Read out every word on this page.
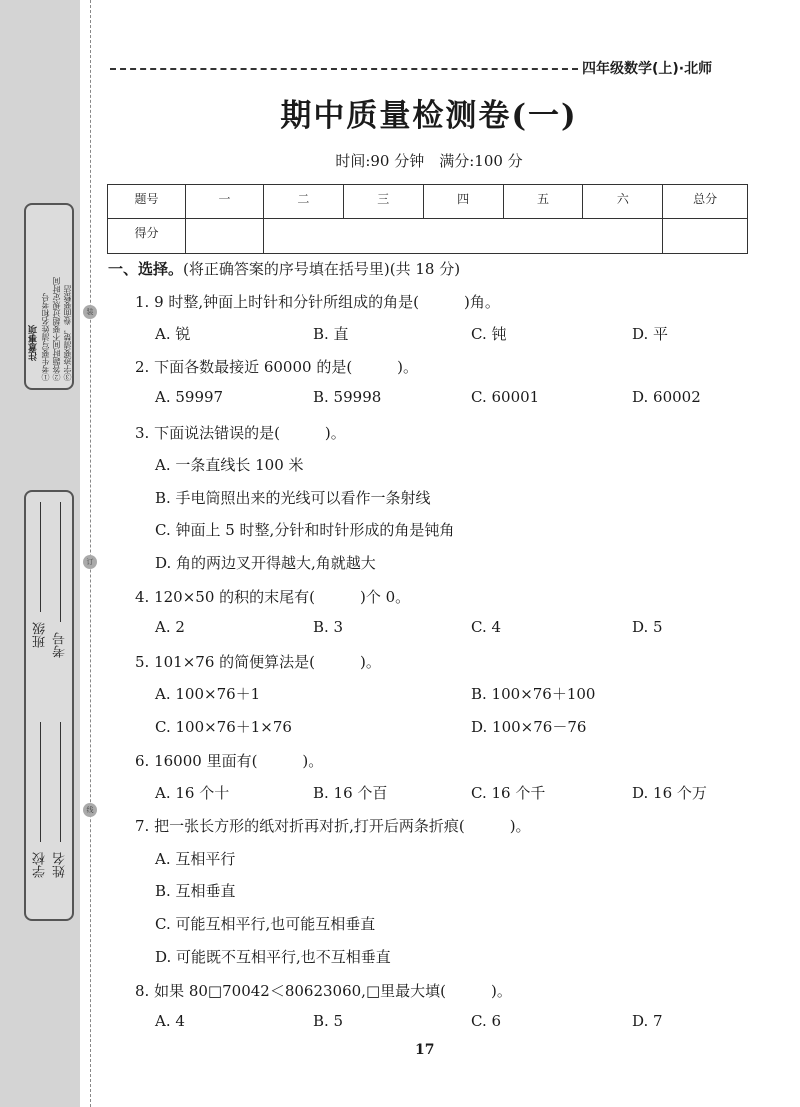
注意事项 ①考生要写清姓名和考号 ②答题时间不要超过规定时间 ③字迹要清楚，卷面要整洁
学校
班级
姓名
考号
装
订
线
四年级数学(上)·北师
期中质量检测卷(一)
时间:90 分钟　满分:100 分
题号	一	二	三	四	五	六	总分
得分							
一、选择。(将正确答案的序号填在括号里)(共 18 分)
1. 9 时整,钟面上时针和分针所组成的角是(　　　)角。
A. 锐	B. 直	C. 钝	D. 平
2. 下面各数最接近 60000 的是(　　　)。
A. 59997	B. 59998	C. 60001	D. 60002
3. 下面说法错误的是(　　　)。
A. 一条直线长 100 米
B. 手电筒照出来的光线可以看作一条射线
C. 钟面上 5 时整,分针和时针形成的角是钝角
D. 角的两边叉开得越大,角就越大
4. 120×50 的积的末尾有(　　　)个 0。
A. 2	B. 3	C. 4	D. 5
5. 101×76 的简便算法是(　　　)。
A. 100×76＋1	B. 100×76＋100
C. 100×76＋1×76	D. 100×76－76
6. 16000 里面有(　　　)。
A. 16 个十	B. 16 个百	C. 16 个千	D. 16 个万
7. 把一张长方形的纸对折再对折,打开后两条折痕(　　　)。
A. 互相平行
B. 互相垂直
C. 可能互相平行,也可能互相垂直
D. 可能既不互相平行,也不互相垂直
8. 如果 80□70042＜80623060,□里最大填(　　　)。
A. 4	B. 5	C. 6	D. 7
17
